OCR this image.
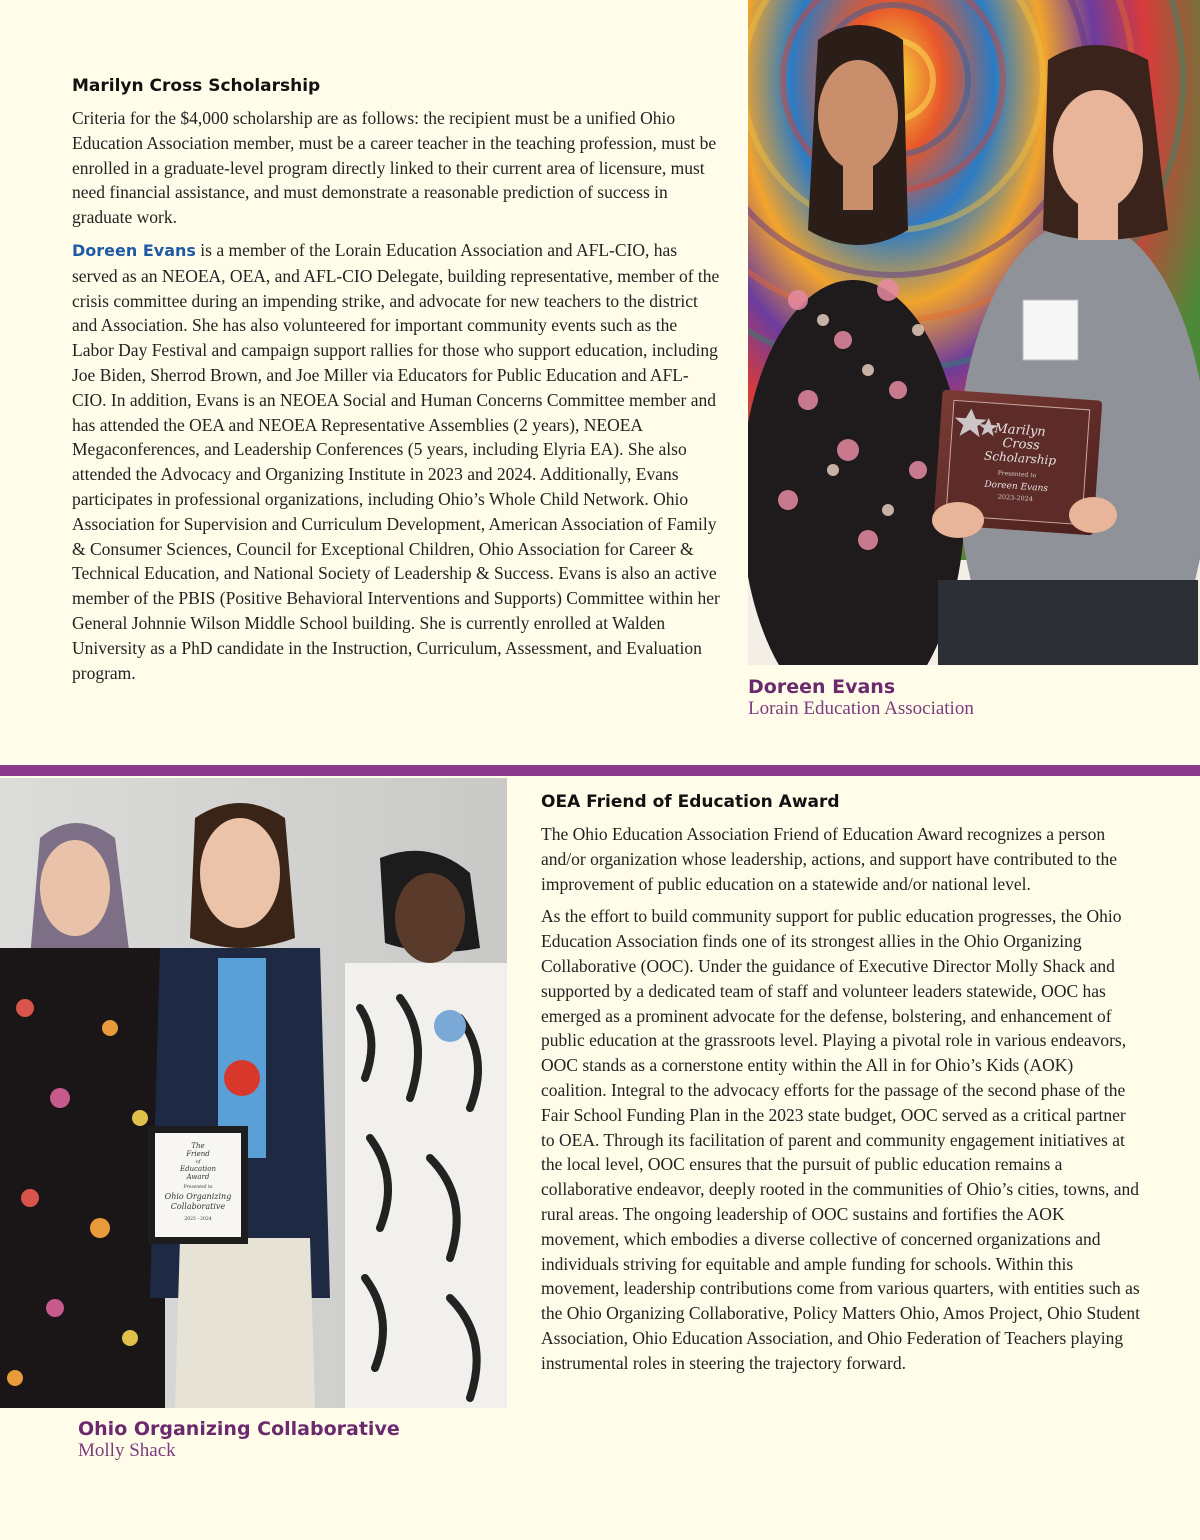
Marilyn Cross Scholarship

Criteria for the $4,000 scholarship are as follows: the recipient must be a unified Ohio Education Association member, must be a career teacher in the teaching profession, must be enrolled in a graduate-level program directly linked to their current area of licensure, must need financial assistance, and must demonstrate a reasonable prediction of success in graduate work.

Doreen Evans is a member of the Lorain Education Association and AFL-CIO, has served as an NEOEA, OEA, and AFL-CIO Delegate, building representative, member of the crisis committee during an impending strike, and advocate for new teachers to the district and Association. She has also volunteered for important community events such as the Labor Day Festival and campaign support rallies for those who support education, including Joe Biden, Sherrod Brown, and Joe Miller via Educators for Public Education and AFL- CIO. In addition, Evans is an NEOEA Social and Human Concerns Committee member and has attended the OEA and NEOEA Representative Assemblies (2 years), NEOEA Megaconferences, and Leadership Conferences (5 years, including Elyria EA). She also attended the Advocacy and Organizing Institute in 2023 and 2024. Additionally, Evans participates in professional organizations, including Ohio’s Whole Child Network. Ohio Association for Supervision and Curriculum Development, American Association of Family & Consumer Sciences, Council for Exceptional Children, Ohio Association for Career & Technical Education, and National Society of Leadership & Success. Evans is also an active member of the PBIS (Positive Behavioral Interventions and Supports) Committee within her General Johnnie Wilson Middle School building. She is currently enrolled at Walden University as a PhD candidate in the Instruction, Curriculum, Assessment, and Evaluation program.

Marilyn
Cross
Scholarship
Presented to
Doreen Evans
2023-2024
Doreen Evans
Lorain Education Association
The
Friend
of
Education
Award
Presented to
Ohio Organizing
Collaborative
2023 - 2024
Ohio Organizing Collaborative
Molly Shack
OEA Friend of Education Award

The Ohio Education Association Friend of Education Award recognizes a person and/or organization whose leadership, actions, and support have contributed to the improvement of public education on a statewide and/or national level.

As the effort to build community support for public education progresses, the Ohio Education Association finds one of its strongest allies in the Ohio Organizing Collaborative (OOC). Under the guidance of Executive Director Molly Shack and supported by a dedicated team of staff and volunteer leaders statewide, OOC has emerged as a prominent advocate for the defense, bolstering, and enhancement of public education at the grassroots level. Playing a pivotal role in various endeavors, OOC stands as a cornerstone entity within the All in for Ohio’s Kids (AOK) coalition. Integral to the advocacy efforts for the passage of the second phase of the Fair School Funding Plan in the 2023 state budget, OOC served as a critical partner to OEA. Through its facilitation of parent and community engagement initiatives at the local level, OOC ensures that the pursuit of public education remains a collaborative endeavor, deeply rooted in the communities of Ohio’s cities, towns, and rural areas. The ongoing leadership of OOC sustains and fortifies the AOK movement, which embodies a diverse collective of concerned organizations and individuals striving for equitable and ample funding for schools. Within this movement, leadership contributions come from various quarters, with entities such as the Ohio Organizing Collaborative, Policy Matters Ohio, Amos Project, Ohio Student Association, Ohio Education Association, and Ohio Federation of Teachers playing instrumental roles in steering the trajectory forward.
